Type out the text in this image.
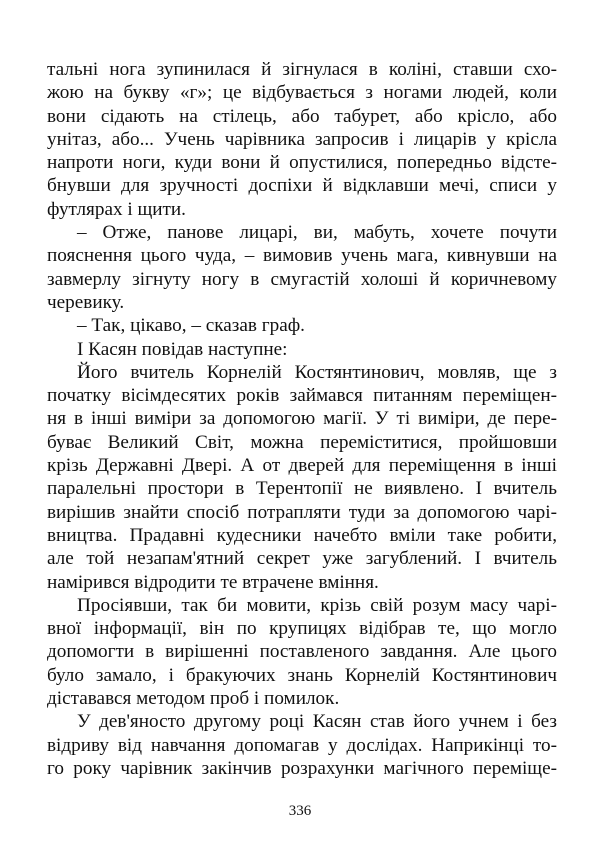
тальні нога зупинилася й зігнулася в коліні, ставши схо-
жою на букву «г»; це відбувається з ногами людей, коли
вони сідають на стілець, або табурет, або крісло, або
унітаз, або... Учень чарівника запросив і лицарів у крісла
напроти ноги, куди вони й опустилися, попередньо відсте-
бнувши для зручності доспіхи й відклавши мечі, списи у
футлярах і щити.
– Отже, панове лицарі, ви, мабуть, хочете почути
пояснення цього чуда, – вимовив учень мага, кивнувши на
завмерлу зігнуту ногу в смугастій холоші й коричневому
черевику.
– Так, цікаво, – сказав граф.
І Касян повідав наступне:
Його вчитель Корнелій Костянтинович, мовляв, ще з
початку вісімдесятих років займався питанням переміщен-
ня в інші виміри за допомогою магії. У ті виміри, де пере-
буває Великий Світ, можна переміститися, пройшовши
крізь Державні Двері. А от дверей для переміщення в інші
паралельні простори в Терентопії не виявлено. І вчитель
вирішив знайти спосіб потрапляти туди за допомогою чарі-
вництва. Прадавні кудесники начебто вміли таке робити,
але той незапам'ятний секрет уже загублений. І вчитель
намірився відродити те втрачене вміння.
Просіявши, так би мовити, крізь свій розум масу чарі-
вної інформації, він по крупицях відібрав те, що могло
допомогти в вирішенні поставленого завдання. Але цього
було замало, і бракуючих знань Корнелій Костянтинович
діставався методом проб і помилок.
У дев'яносто другому році Касян став його учнем і без
відриву від навчання допомагав у дослідах. Наприкінці то-
го року чарівник закінчив розрахунки магічного переміще-
336
